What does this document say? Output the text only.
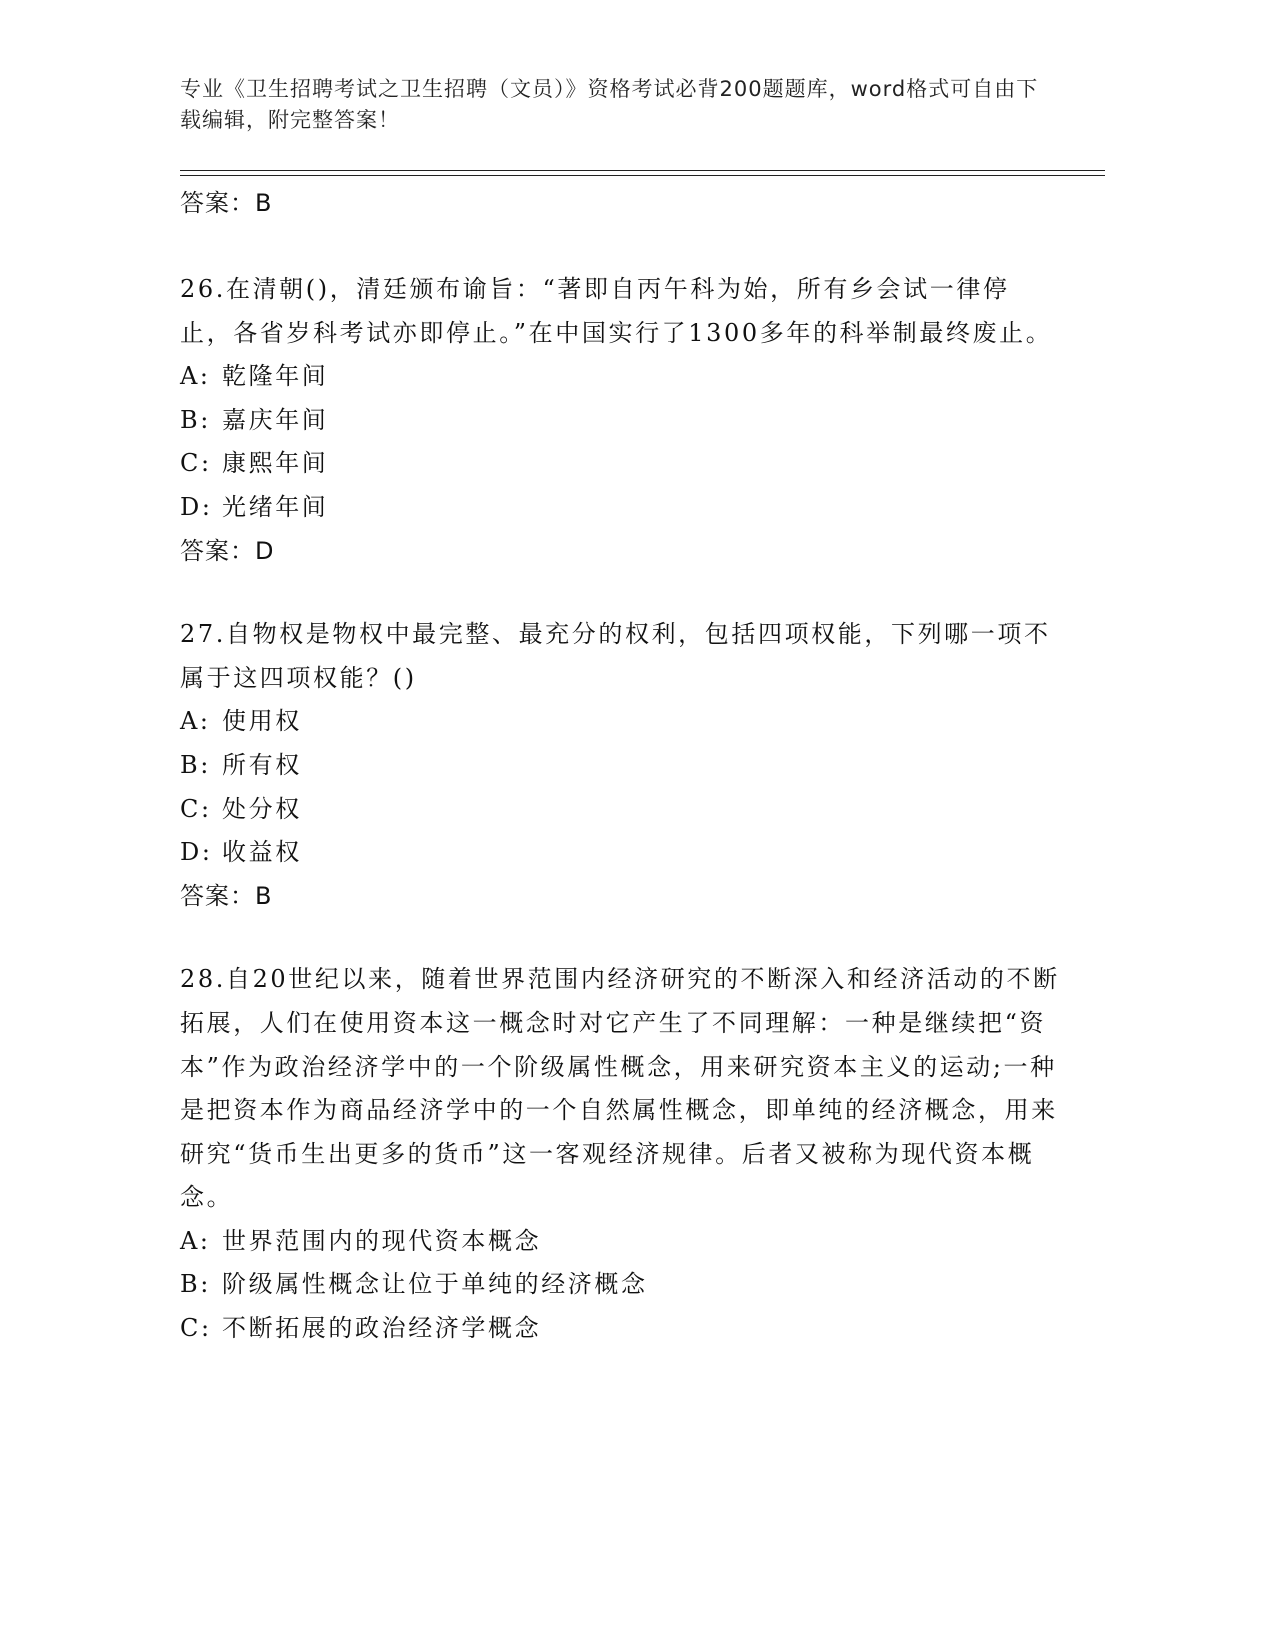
专业《卫生招聘考试之卫生招聘（文员）》资格考试必背200题题库，word格式可自由下载编辑，附完整答案！
答案：B

26.在清朝()，清廷颁布谕旨：“著即自丙午科为始，所有乡会试一律停止，各省岁科考试亦即停止。”在中国实行了1300多年的科举制最终废止。

A: 乾隆年间
B: 嘉庆年间
C: 康熙年间
D: 光绪年间
答案：D

27.自物权是物权中最完整、最充分的权利，包括四项权能，下列哪一项不属于这四项权能？()

A: 使用权
B: 所有权
C: 处分权
D: 收益权
答案：B

28.自20世纪以来，随着世界范围内经济研究的不断深入和经济活动的不断拓展，人们在使用资本这一概念时对它产生了不同理解：一种是继续把“资本”作为政治经济学中的一个阶级属性概念，用来研究资本主义的运动;一种是把资本作为商品经济学中的一个自然属性概念，即单纯的经济概念，用来研究“货币生出更多的货币”这一客观经济规律。后者又被称为现代资本概念。

A: 世界范围内的现代资本概念
B: 阶级属性概念让位于单纯的经济概念
C: 不断拓展的政治经济学概念
